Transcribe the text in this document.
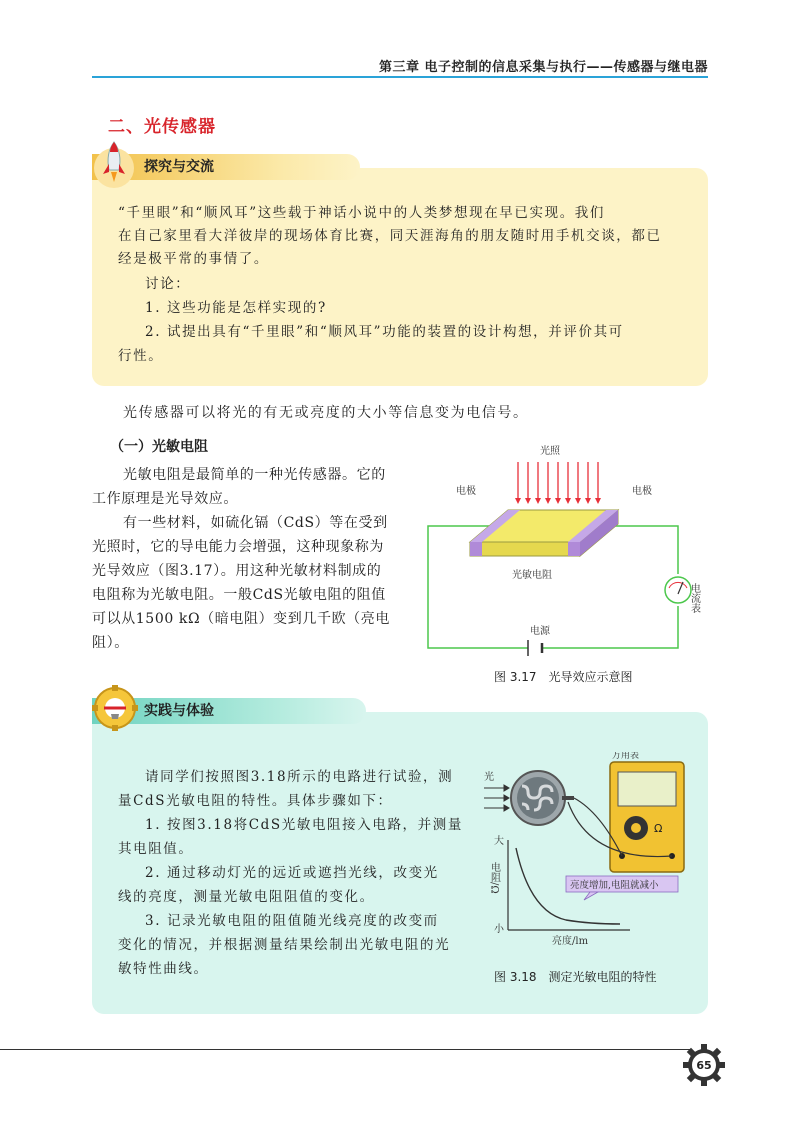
第三章 电子控制的信息采集与执行——传感器与继电器
二、光传感器
探究与交流
“千里眼”和“顺风耳”这些载于神话小说中的人类梦想现在早已实现。我们
在自己家里看大洋彼岸的现场体育比赛，同天涯海角的朋友随时用手机交谈，都已
经是极平常的事情了。
讨论：
1. 这些功能是怎样实现的?
2. 试提出具有“千里眼”和“顺风耳”功能的装置的设计构想，并评价其可
行性。
光传感器可以将光的有无或亮度的大小等信息变为电信号。
（一）光敏电阻
光敏电阻是最简单的一种光传感器。它的
工作原理是光导效应。
有一些材料，如硫化镉（CdS）等在受到
光照时，它的导电能力会增强，这种现象称为
光导效应（图3.17）。用这种光敏材料制成的
电阻称为光敏电阻。一般CdS光敏电阻的阻值
可以从1500 kΩ（暗电阻）变到几千欧（亮电
阻）。
光照
电极	电极
电源
光敏电阻
电流表
图 3.17　光导效应示意图
实践与体验
请同学们按照图3.18所示的电路进行试验，测
量CdS光敏电阻的特性。具体步骤如下：
1. 按图3.18将CdS光敏电阻接入电路，并测量
其电阻值。
2. 通过移动灯光的远近或遮挡光线，改变光
线的亮度，测量光敏电阻阻值的变化。
3. 记录光敏电阻的阻值随光线亮度的改变而
变化的情况，并根据测量结果绘制出光敏电阻的光
敏特性曲线。
光
Ω
万用表
大
小
电阻/Ω
亮度/lm
亮度增加,电阻就减小
图 3.18　测定光敏电阻的特性
65
